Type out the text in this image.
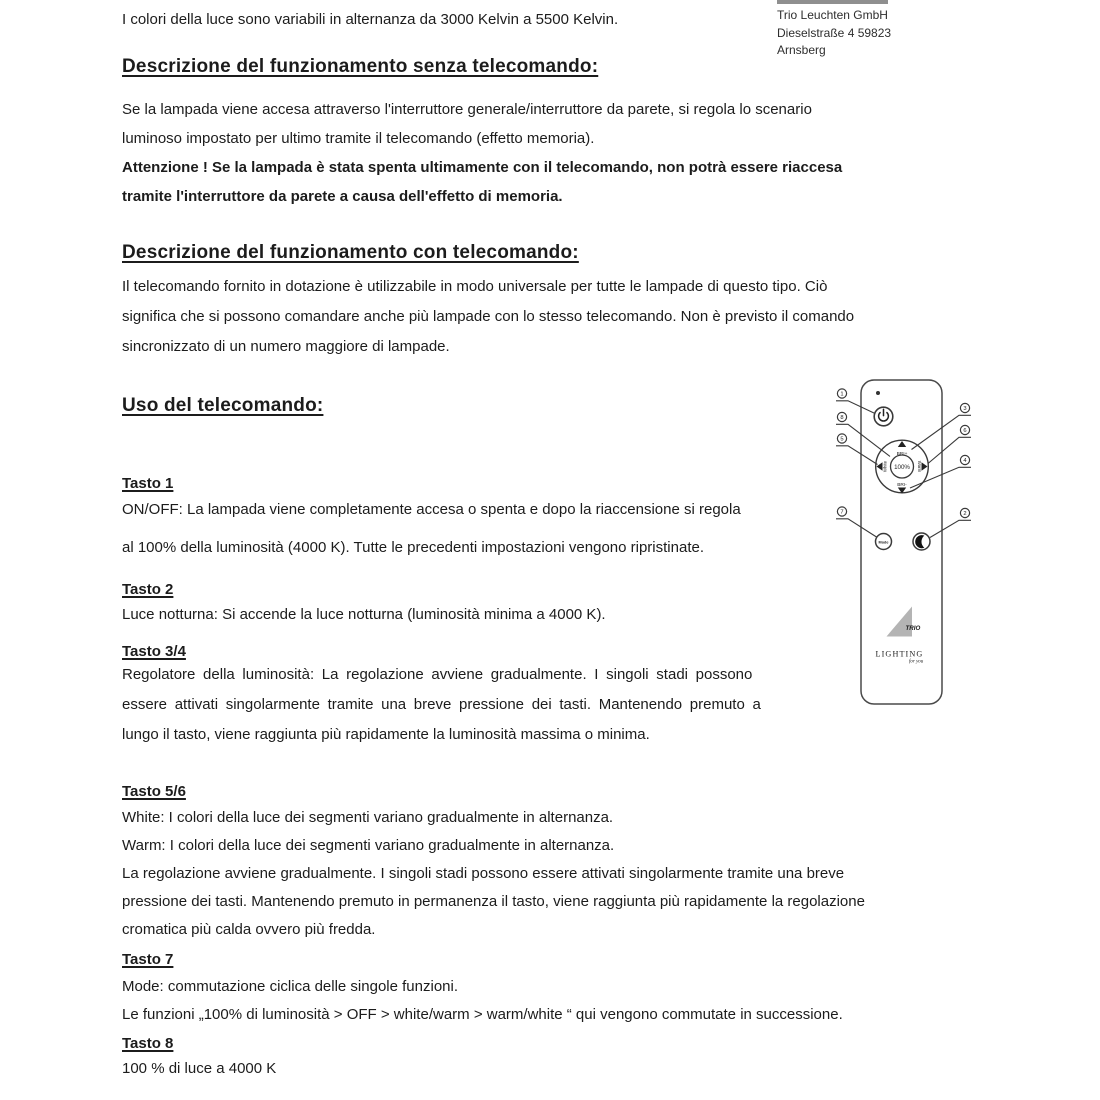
I colori della luce sono variabili in alternanza da 3000 Kelvin a 5500 Kelvin.	Trio Leuchten GmbH
Dieselstraße 4 59823
Arnsberg
Descrizione del funzionamento senza telecomando:
Se la lampada viene accesa attraverso l'interruttore generale/interruttore da parete, si regola lo scenario
luminoso impostato per ultimo tramite il telecomando (effetto memoria).
Attenzione ! Se la lampada è stata spenta ultimamente con il telecomando, non potrà essere riaccesa
tramite l'interruttore da parete a causa dell'effetto di memoria.
Descrizione del funzionamento con telecomando:
Il telecomando fornito in dotazione è utilizzabile in modo universale per tutte le lampade di questo tipo. Ciò
significa che si possono comandare anche più lampade con lo stesso telecomando. Non è previsto il comando
sincronizzato di un numero maggiore di lampade.
Uso del telecomando:
Tasto 1
ON/OFF: La lampada viene completamente accesa o spenta e dopo la riaccensione si regola
al 100% della luminosità (4000 K). Tutte le precedenti impostazioni vengono ripristinate.
Tasto 2
Luce notturna: Si accende la luce notturna (luminosità minima a 4000 K).
Tasto 3/4
Regolatore della luminosità: La regolazione avviene gradualmente. I singoli stadi possono
essere attivati singolarmente tramite una breve pressione dei tasti. Mantenendo premuto a
lungo il tasto, viene raggiunta più rapidamente la luminosità massima o minima.
Tasto 5/6
White: I colori della luce dei segmenti variano gradualmente in alternanza.
Warm: I colori della luce dei segmenti variano gradualmente in alternanza.
La regolazione avviene gradualmente. I singoli stadi possono essere attivati singolarmente tramite una breve
pressione dei tasti. Mantenendo premuto in permanenza il tasto, viene raggiunta più rapidamente la regolazione
cromatica più calda ovvero più fredda.
Tasto 7
Mode: commutazione ciclica delle singole funzioni.
Le funzioni „100% di luminosità > OFF > white/warm > warm/white “ qui vengono commutate in successione.
Tasto 8
100 % di luce a 4000 K
BRI+
BRI-
White	Warm
100%
Mode
TRIO
LIGHTING
for you
1
8
5
7
3
6
4
2
